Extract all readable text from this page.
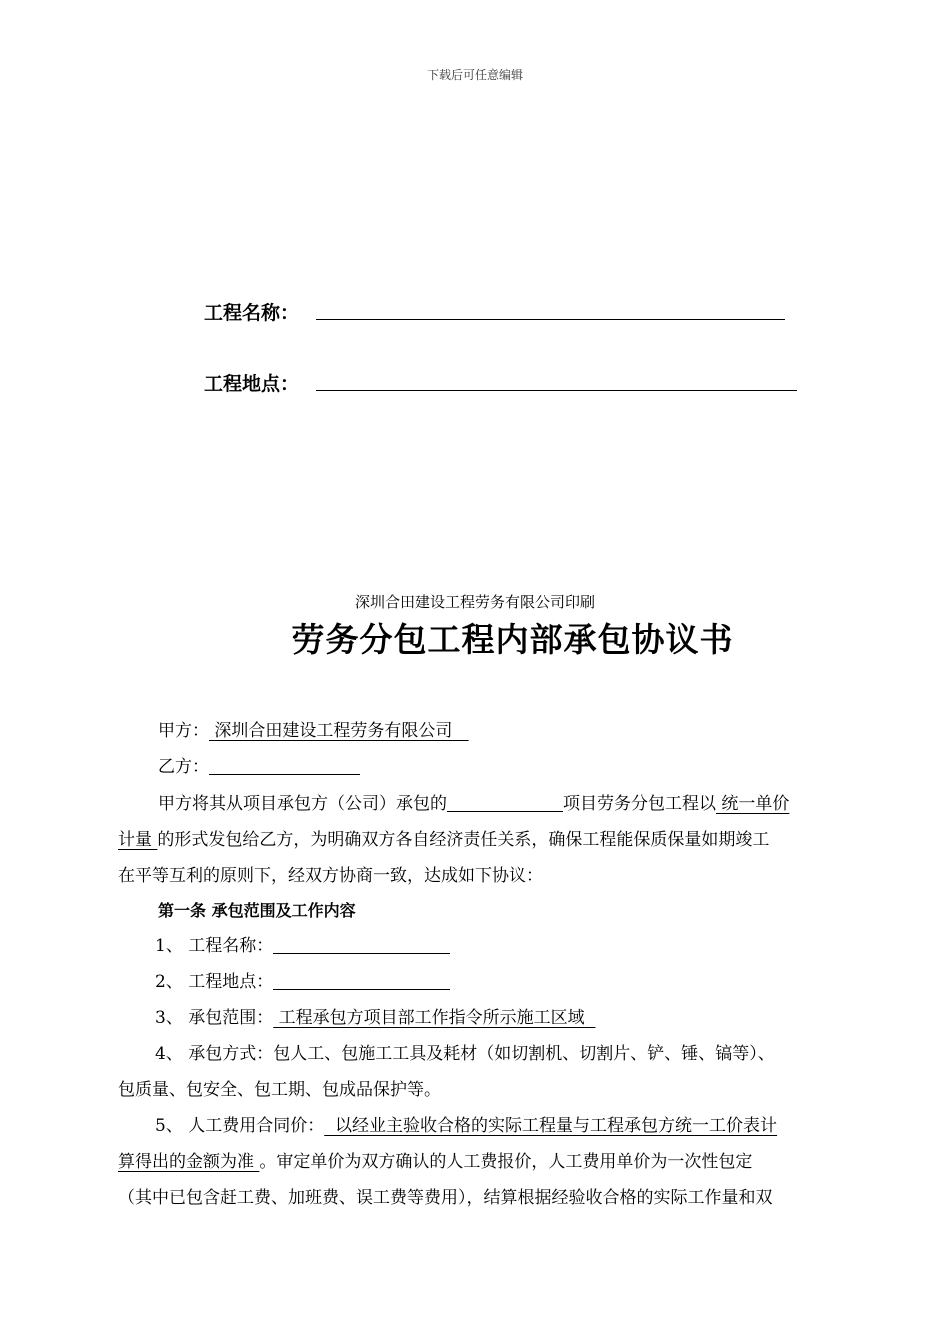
下载后可任意编辑
工程名称：
工程地点：
深圳合田建设工程劳务有限公司印刷
劳务分包工程内部承包协议书
甲方： 深圳合田建设工程劳务有限公司
乙方：
甲方将其从项目承包方（公司）承包的	项目劳务分包工程以 统一单价
计量 的形式发包给乙方，为明确双方各自经济责任关系，确保工程能保质保量如期竣工
在平等互利的原则下，经双方协商一致，达成如下协议：
第一条 承包范围及工作内容
1、 工程名称：
2、 工程地点：
3、 承包范围： 工程承包方项目部工作指令所示施工区域
4、 承包方式：包人工、包施工工具及耗材（如切割机、切割片、铲、锤、镐等）、
包质量、包安全、包工期、包成品保护等。
5、 人工费用合同价： 以经业主验收合格的实际工程量与工程承包方统一工价表计
算得出的金额为准 。审定单价为双方确认的人工费报价，人工费用单价为一次性包定
（其中已包含赶工费、加班费、误工费等费用），结算根据经验收合格的实际工作量和双
